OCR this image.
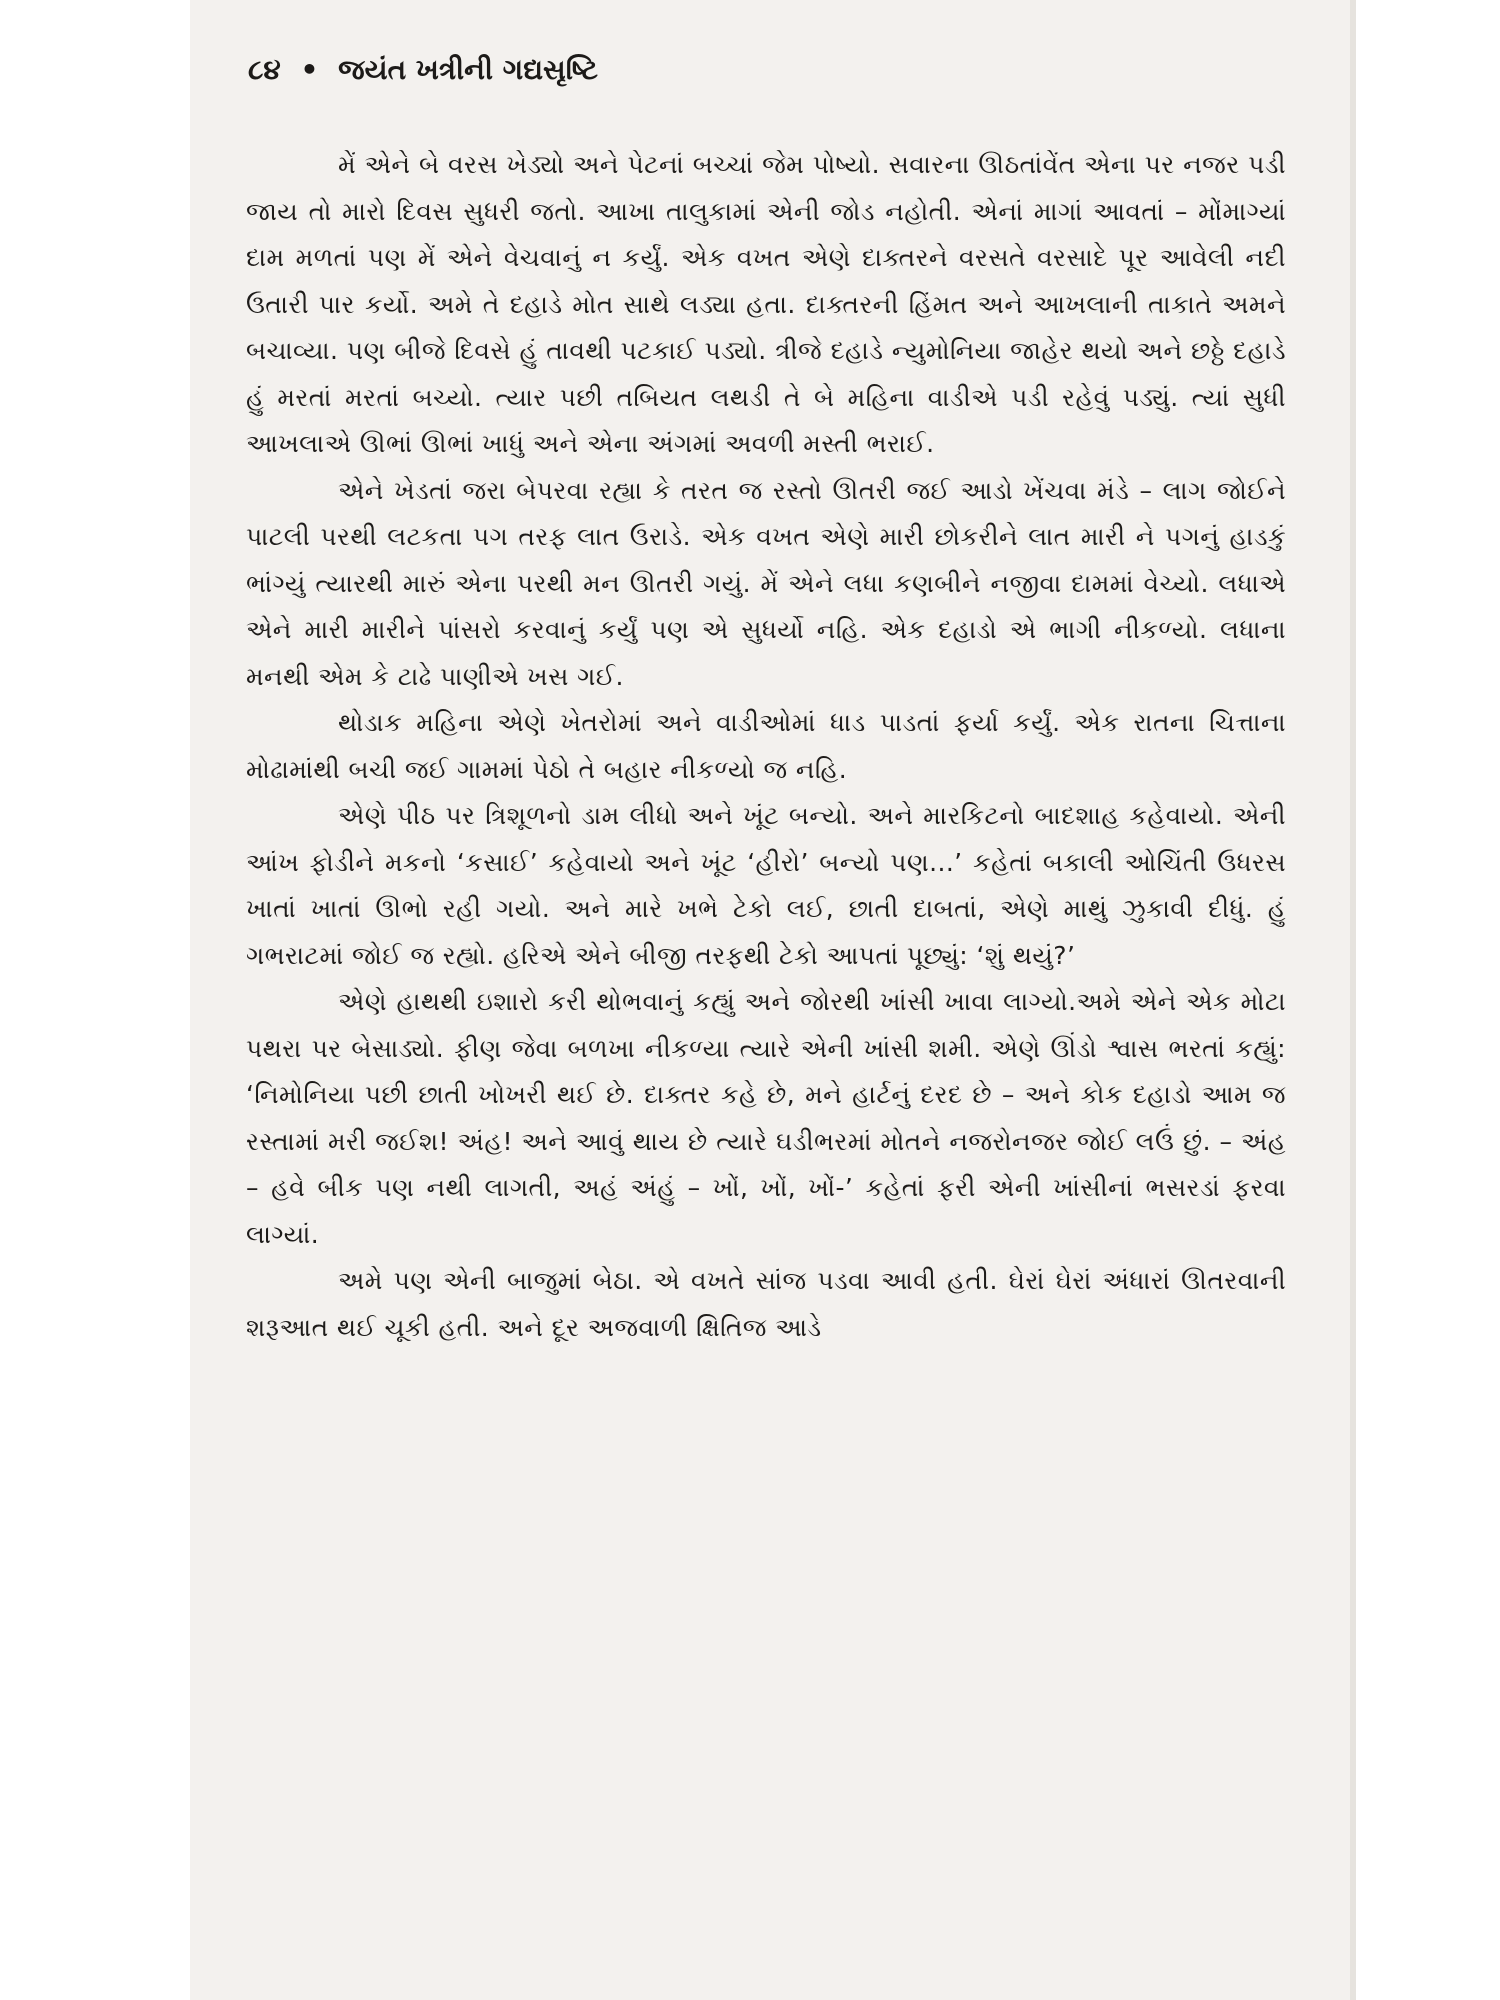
૮૪ • જયંત ખત્રીની ગદ્યસૃષ્ટિ

મેં એને બે વરસ ખેડ્યો અને પેટનાં બચ્ચાં જેમ પોષ્યો. સવારના ઊઠતાંવેંત એના પર નજર પડી જાય તો મારો દિવસ સુધરી જતો. આખા તાલુકામાં એની જોડ નહોતી. એનાં માગાં આવતાં – મોંમાગ્યાં દામ મળતાં પણ મેં એને વેચવાનું ન કર્યું. એક વખત એણે દાક્તરને વરસતે વરસાદે પૂર આવેલી નદી ઉતારી પાર કર્યો. અમે તે દહાડે મોત સાથે લડ્યા હતા. દાક્તરની હિંમત અને આખલાની તાકાતે અમને બચાવ્યા. પણ બીજે દિવસે હું તાવથી પટકાઈ પડ્યો. ત્રીજે દહાડે ન્યુમોનિયા જાહેર થયો અને છઠ્ઠે દહાડે હું મરતાં મરતાં બચ્યો. ત્યાર પછી તબિયત લથડી તે બે મહિના વાડીએ પડી રહેવું પડ્યું. ત્યાં સુધી આખલાએ ઊભાં ઊભાં ખાધું અને એના અંગમાં અવળી મસ્તી ભરાઈ.

એને ખેડતાં જરા બેપરવા રહ્યા કે તરત જ રસ્તો ઊતરી જઈ આડો ખેંચવા મંડે – લાગ જોઈને પાટલી પરથી લટકતા પગ તરફ લાત ઉરાડે. એક વખત એણે મારી છોકરીને લાત મારી ને પગનું હાડકું ભાંગ્યું ત્યારથી મારું એના પરથી મન ઊતરી ગયું. મેં એને લધા કણબીને નજીવા દામમાં વેચ્યો. લધાએ એને મારી મારીને પાંસરો કરવાનું કર્યું પણ એ સુધર્યો નહિ. એક દહાડો એ ભાગી નીકળ્યો. લધાના મનથી એમ કે ટાઢે પાણીએ ખસ ગઈ.

થોડાક મહિના એણે ખેતરોમાં અને વાડીઓમાં ધાડ પાડતાં ફર્યા કર્યું. એક રાતના ચિત્તાના મોઢામાંથી બચી જઈ ગામમાં પેઠો તે બહાર નીકળ્યો જ નહિ.

એણે પીઠ પર ત્રિશૂળનો ડામ લીધો અને ખૂંટ બન્યો. અને મારકિટનો બાદશાહ કહેવાયો. એની આંખ ફોડીને મકનો ‘કસાઈ’ કહેવાયો અને ખૂંટ ‘હીરો’ બન્યો પણ...’ કહેતાં બકાલી ઓચિંતી ઉધરસ ખાતાં ખાતાં ઊભો રહી ગયો. અને મારે ખભે ટેકો લઈ, છાતી દાબતાં, એણે માથું ઝુકાવી દીધું. હું ગભરાટમાં જોઈ જ રહ્યો. હરિએ એને બીજી તરફથી ટેકો આપતાં પૂછ્યું: ‘શું થયું?’

એણે હાથથી ઇશારો કરી થોભવાનું કહ્યું અને જોરથી ખાંસી ખાવા લાગ્યો.અમે એને એક મોટા પથરા પર બેસાડ્યો. ફીણ જેવા બળખા નીકળ્યા ત્યારે એની ખાંસી શમી. એણે ઊંડો શ્વાસ ભરતાં કહ્યું: ‘નિમોનિયા પછી છાતી ખોખરી થઈ છે. દાક્તર કહે છે, મને હાર્ટનું દરદ છે – અને કોક દહાડો આમ જ રસ્તામાં મરી જઈશ! અંહ! અને આવું થાય છે ત્યારે ઘડીભરમાં મોતને નજરોનજર જોઈ લઉં છું. – અંહ – હવે બીક પણ નથી લાગતી, અહં અંહું – ખોં, ખોં, ખોં-’ કહેતાં ફરી એની ખાંસીનાં ભસરડાં ફરવા લાગ્યાં.

અમે પણ એની બાજુમાં બેઠા. એ વખતે સાંજ પડવા આવી હતી. ઘેરાં ઘેરાં અંધારાં ઊતરવાની શરૂઆત થઈ ચૂકી હતી. અને દૂર અજવાળી ક્ષિતિજ આડે
